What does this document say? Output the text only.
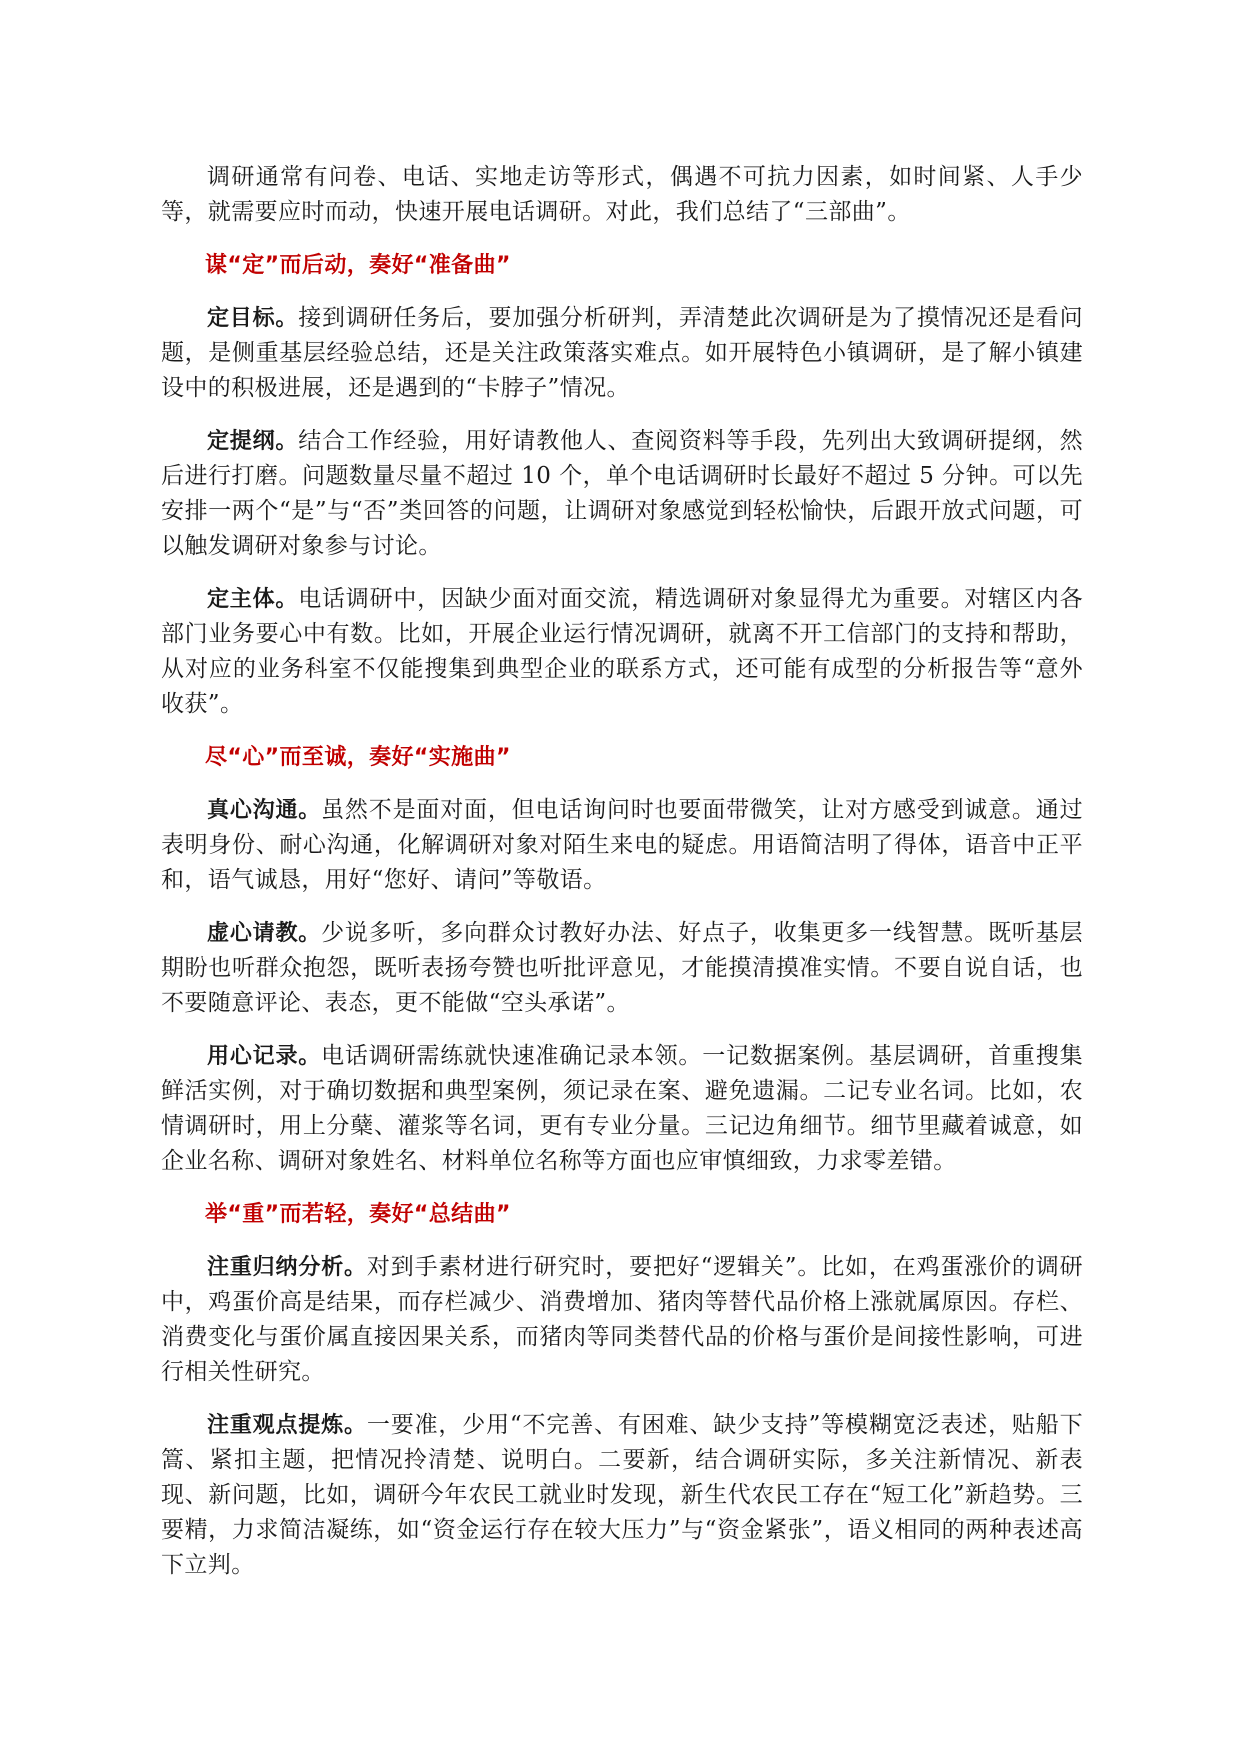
调研通常有问卷、电话、实地走访等形式，偶遇不可抗力因素，如时间紧、人手少等，就需要应时而动，快速开展电话调研。对此，我们总结了“三部曲”。

谋“定”而后动，奏好“准备曲”

定目标。接到调研任务后，要加强分析研判，弄清楚此次调研是为了摸情况还是看问题，是侧重基层经验总结，还是关注政策落实难点。如开展特色小镇调研，是了解小镇建设中的积极进展，还是遇到的“卡脖子”情况。

定提纲。结合工作经验，用好请教他人、查阅资料等手段，先列出大致调研提纲，然后进行打磨。问题数量尽量不超过 10 个，单个电话调研时长最好不超过 5 分钟。可以先安排一两个“是”与“否”类回答的问题，让调研对象感觉到轻松愉快，后跟开放式问题，可以触发调研对象参与讨论。

定主体。电话调研中，因缺少面对面交流，精选调研对象显得尤为重要。对辖区内各部门业务要心中有数。比如，开展企业运行情况调研，就离不开工信部门的支持和帮助，从对应的业务科室不仅能搜集到典型企业的联系方式，还可能有成型的分析报告等“意外收获”。

尽“心”而至诚，奏好“实施曲”

真心沟通。虽然不是面对面，但电话询问时也要面带微笑，让对方感受到诚意。通过表明身份、耐心沟通，化解调研对象对陌生来电的疑虑。用语简洁明了得体，语音中正平和，语气诚恳，用好“您好、请问”等敬语。

虚心请教。少说多听，多向群众讨教好办法、好点子，收集更多一线智慧。既听基层期盼也听群众抱怨，既听表扬夸赞也听批评意见，才能摸清摸准实情。不要自说自话，也不要随意评论、表态，更不能做“空头承诺”。

用心记录。电话调研需练就快速准确记录本领。一记数据案例。基层调研，首重搜集鲜活实例，对于确切数据和典型案例，须记录在案、避免遗漏。二记专业名词。比如，农情调研时，用上分蘖、灌浆等名词，更有专业分量。三记边角细节。细节里藏着诚意，如企业名称、调研对象姓名、材料单位名称等方面也应审慎细致，力求零差错。

举“重”而若轻，奏好“总结曲”

注重归纳分析。对到手素材进行研究时，要把好“逻辑关”。比如，在鸡蛋涨价的调研中，鸡蛋价高是结果，而存栏减少、消费增加、猪肉等替代品价格上涨就属原因。存栏、消费变化与蛋价属直接因果关系，而猪肉等同类替代品的价格与蛋价是间接性影响，可进行相关性研究。

注重观点提炼。一要准，少用“不完善、有困难、缺少支持”等模糊宽泛表述，贴船下篙、紧扣主题，把情况拎清楚、说明白。二要新，结合调研实际，多关注新情况、新表现、新问题，比如，调研今年农民工就业时发现，新生代农民工存在“短工化”新趋势。三要精，力求简洁凝练，如“资金运行存在较大压力”与“资金紧张”，语义相同的两种表述高下立判。
